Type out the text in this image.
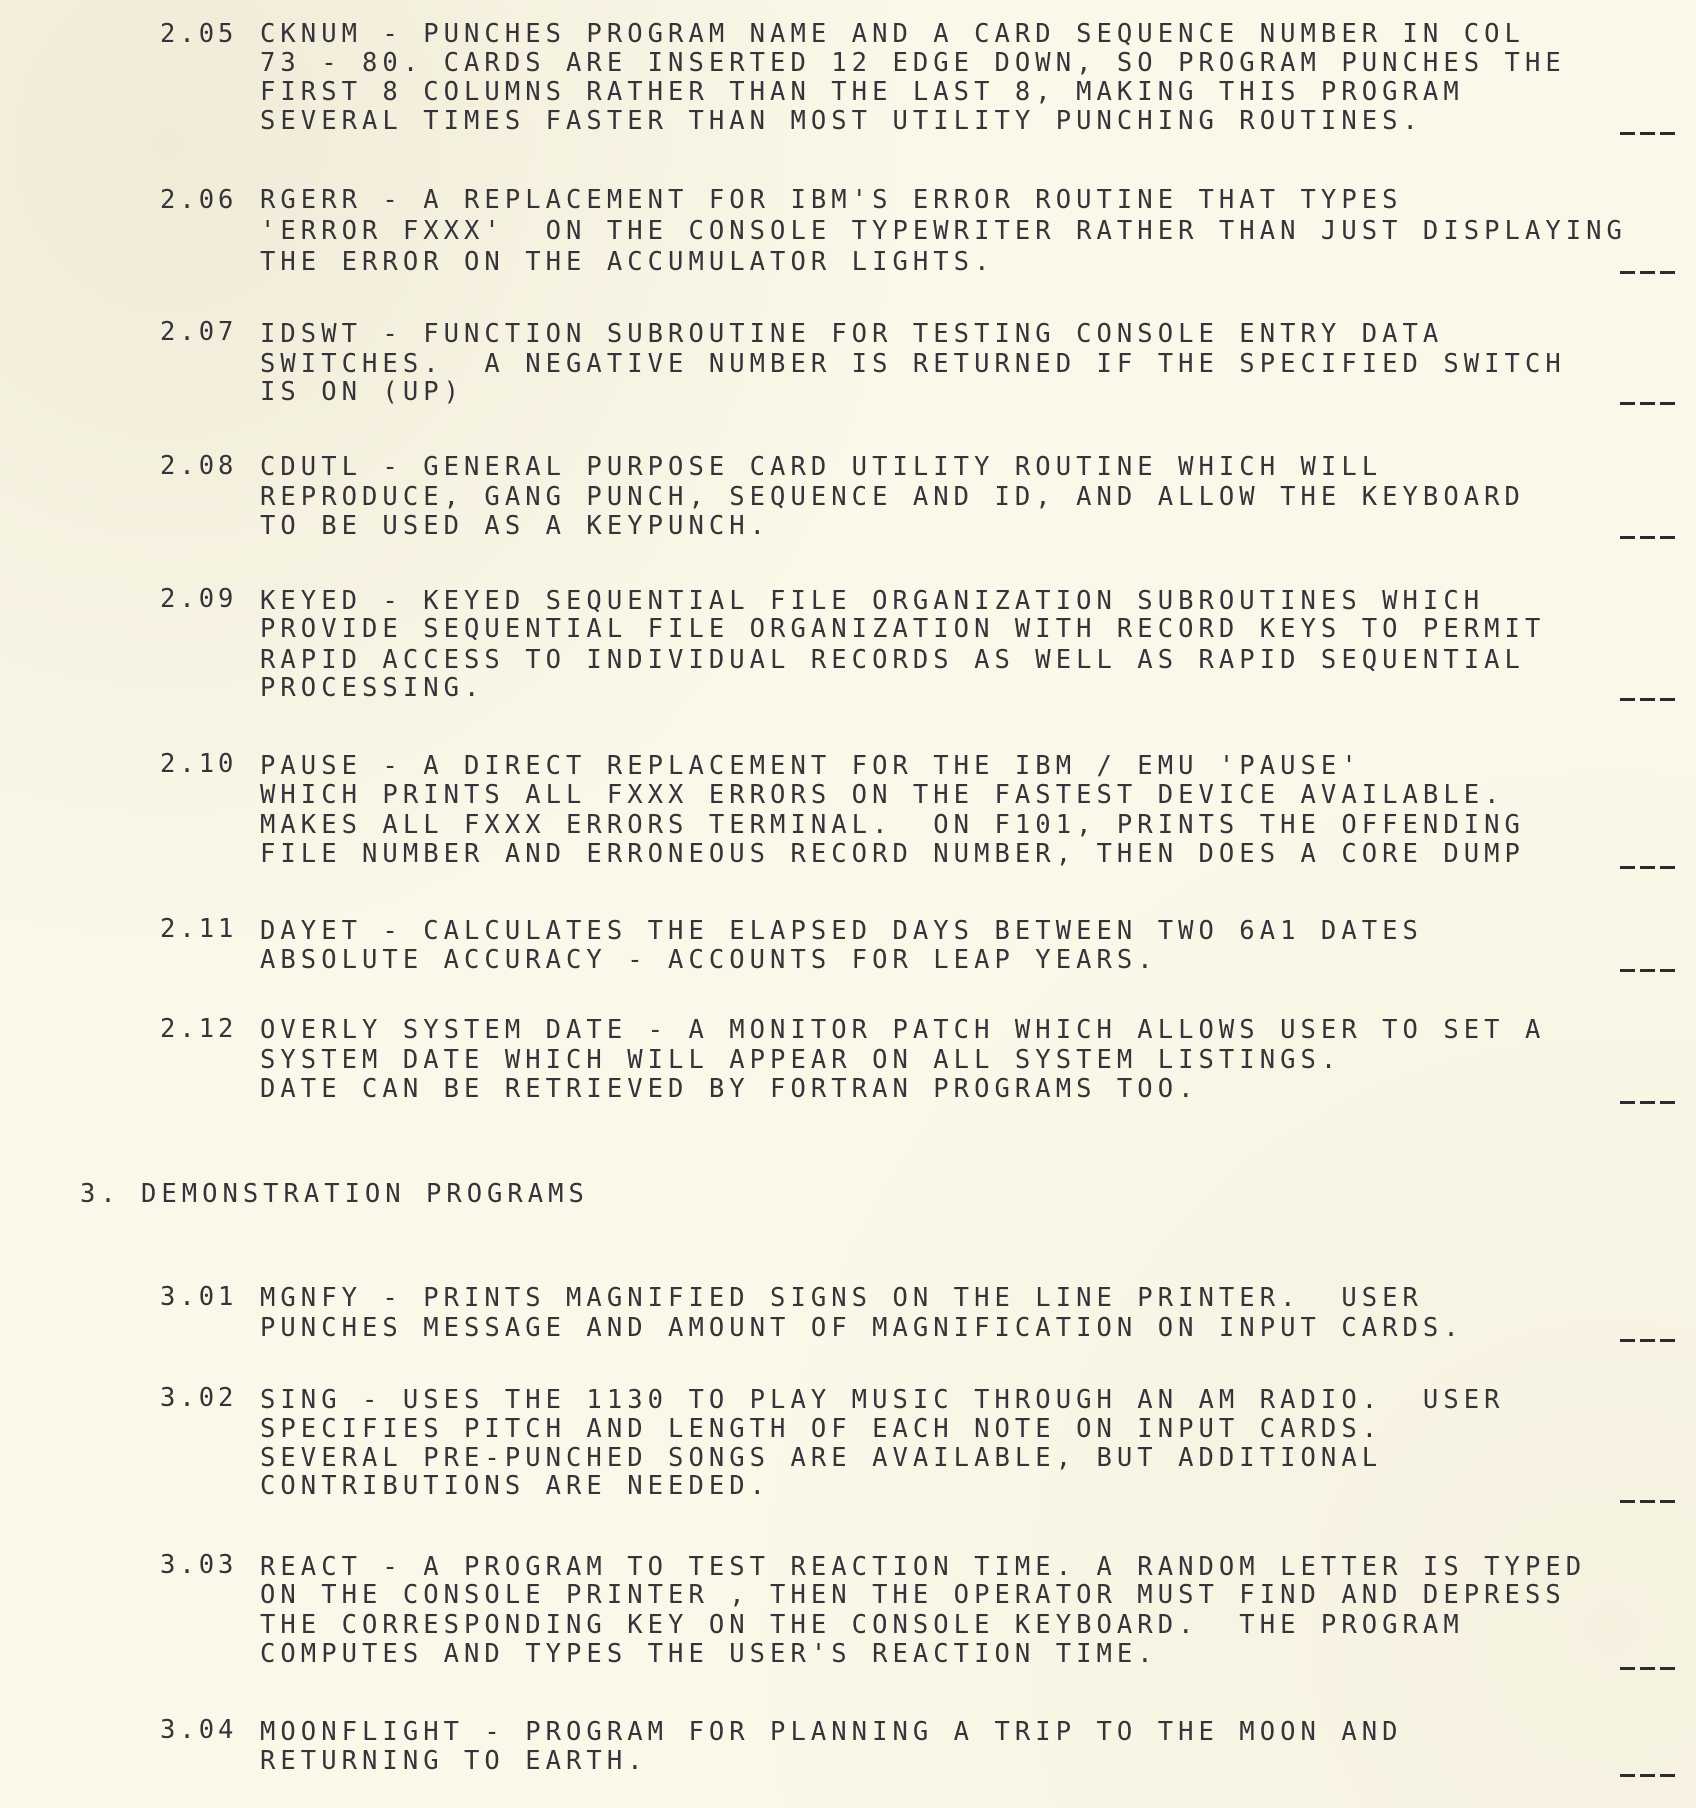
2.05 CKNUM - PUNCHES PROGRAM NAME AND A CARD SEQUENCE NUMBER IN COL
73 - 80. CARDS ARE INSERTED 12 EDGE DOWN, SO PROGRAM PUNCHES THE
FIRST 8 COLUMNS RATHER THAN THE LAST 8, MAKING THIS PROGRAM
SEVERAL TIMES FASTER THAN MOST UTILITY PUNCHING ROUTINES.
2.06 RGERR - A REPLACEMENT FOR IBM'S ERROR ROUTINE THAT TYPES
'ERROR FXXX'  ON THE CONSOLE TYPEWRITER RATHER THAN JUST DISPLAYING
THE ERROR ON THE ACCUMULATOR LIGHTS.
2.07 IDSWT - FUNCTION SUBROUTINE FOR TESTING CONSOLE ENTRY DATA
SWITCHES.  A NEGATIVE NUMBER IS RETURNED IF THE SPECIFIED SWITCH
IS ON (UP)
2.08 CDUTL - GENERAL PURPOSE CARD UTILITY ROUTINE WHICH WILL
REPRODUCE, GANG PUNCH, SEQUENCE AND ID, AND ALLOW THE KEYBOARD
TO BE USED AS A KEYPUNCH.
2.09 KEYED - KEYED SEQUENTIAL FILE ORGANIZATION SUBROUTINES WHICH
PROVIDE SEQUENTIAL FILE ORGANIZATION WITH RECORD KEYS TO PERMIT
RAPID ACCESS TO INDIVIDUAL RECORDS AS WELL AS RAPID SEQUENTIAL
PROCESSING.
2.10 PAUSE - A DIRECT REPLACEMENT FOR THE IBM / EMU 'PAUSE'
WHICH PRINTS ALL FXXX ERRORS ON THE FASTEST DEVICE AVAILABLE.
MAKES ALL FXXX ERRORS TERMINAL.  ON F101, PRINTS THE OFFENDING
FILE NUMBER AND ERRONEOUS RECORD NUMBER, THEN DOES A CORE DUMP
2.11 DAYET - CALCULATES THE ELAPSED DAYS BETWEEN TWO 6A1 DATES
ABSOLUTE ACCURACY - ACCOUNTS FOR LEAP YEARS.
2.12 OVERLY SYSTEM DATE - A MONITOR PATCH WHICH ALLOWS USER TO SET A
SYSTEM DATE WHICH WILL APPEAR ON ALL SYSTEM LISTINGS.
DATE CAN BE RETRIEVED BY FORTRAN PROGRAMS TOO.
3. DEMONSTRATION PROGRAMS
3.01 MGNFY - PRINTS MAGNIFIED SIGNS ON THE LINE PRINTER.  USER
PUNCHES MESSAGE AND AMOUNT OF MAGNIFICATION ON INPUT CARDS.
3.02 SING - USES THE 1130 TO PLAY MUSIC THROUGH AN AM RADIO.  USER
SPECIFIES PITCH AND LENGTH OF EACH NOTE ON INPUT CARDS.
SEVERAL PRE-PUNCHED SONGS ARE AVAILABLE, BUT ADDITIONAL
CONTRIBUTIONS ARE NEEDED.
3.03 REACT - A PROGRAM TO TEST REACTION TIME. A RANDOM LETTER IS TYPED
ON THE CONSOLE PRINTER , THEN THE OPERATOR MUST FIND AND DEPRESS
THE CORRESPONDING KEY ON THE CONSOLE KEYBOARD.  THE PROGRAM
COMPUTES AND TYPES THE USER'S REACTION TIME.
3.04 MOONFLIGHT - PROGRAM FOR PLANNING A TRIP TO THE MOON AND
RETURNING TO EARTH.
